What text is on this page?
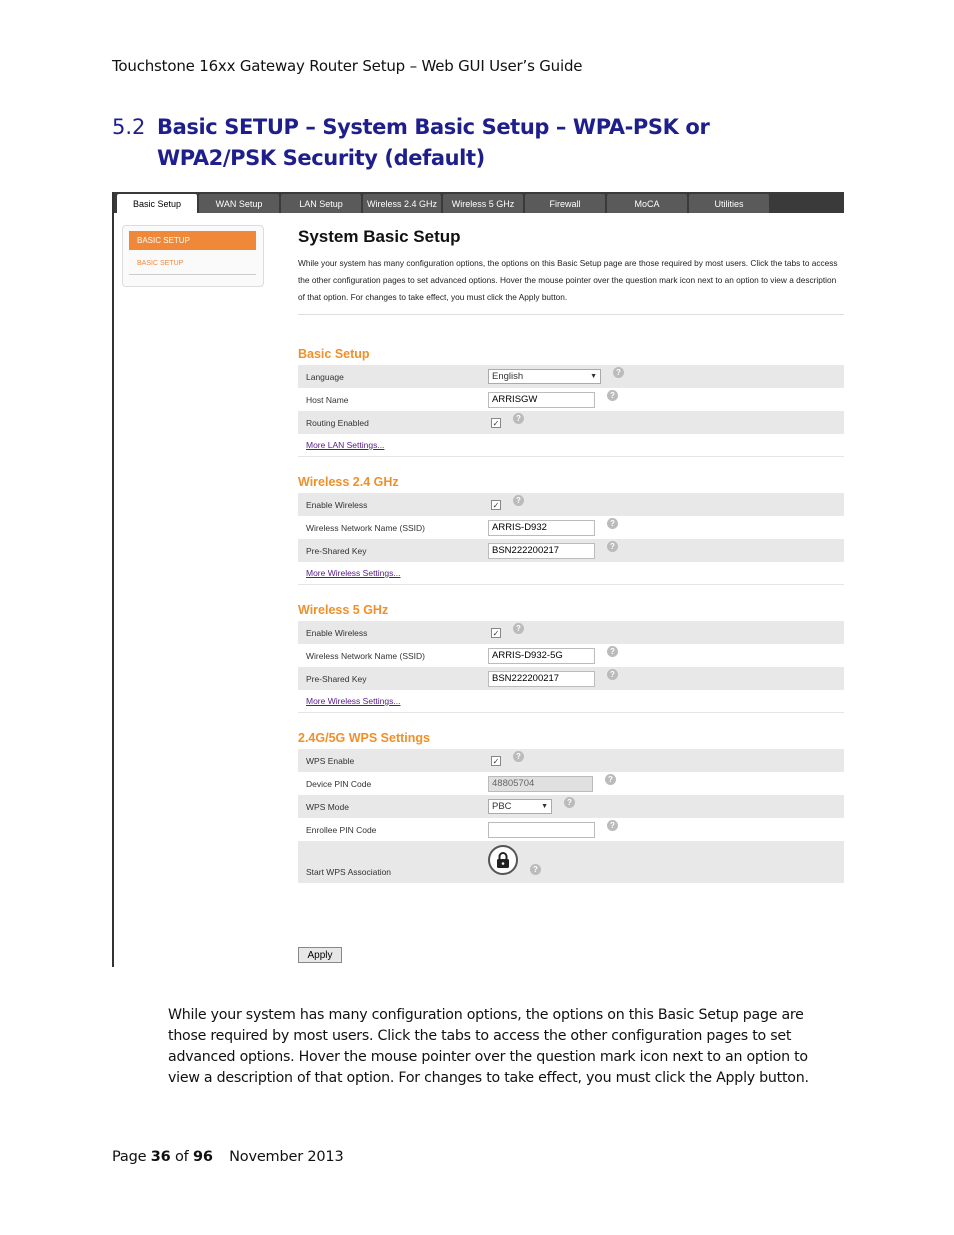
Touchstone 16xx Gateway Router Setup – Web GUI User’s Guide
5.2 Basic SETUP – System Basic Setup – WPA-PSK or WPA2/PSK Security (default)
Basic Setup	WAN Setup	LAN Setup	Wireless 2.4 GHz	Wireless 5 GHz	Firewall	MoCA	Utilities
BASIC SETUP
BASIC SETUP
System Basic Setup
While your system has many configuration options, the options on this Basic Setup page are those required by most users. Click the tabs to access the other configuration pages to set advanced options. Hover the mouse pointer over the question mark icon next to an option to view a description of that option. For changes to take effect, you must click the Apply button.
Basic Setup
Language	English	▼	?
Host Name	ARRISGW	?
Routing Enabled	✓	?
More LAN Settings...
Wireless 2.4 GHz
Enable Wireless	✓	?
Wireless Network Name (SSID)	ARRIS-D932	?
Pre-Shared Key	BSN222200217	?
More Wireless Settings...
Wireless 5 GHz
Enable Wireless	✓	?
Wireless Network Name (SSID)	ARRIS-D932-5G	?
Pre-Shared Key	BSN222200217	?
More Wireless Settings...
2.4G/5G WPS Settings
WPS Enable	✓	?
Device PIN Code	48805704	?
WPS Mode	PBC	▼	?
Enrollee PIN Code	?
Start WPS Association	?
Apply
While your system has many configuration options, the options on this Basic Setup page are those required by most users. Click the tabs to access the other configuration pages to set advanced options. Hover the mouse pointer over the question mark icon next to an option to view a description of that option. For changes to take effect, you must click the Apply button.
Page 36 of 96 November 2013
